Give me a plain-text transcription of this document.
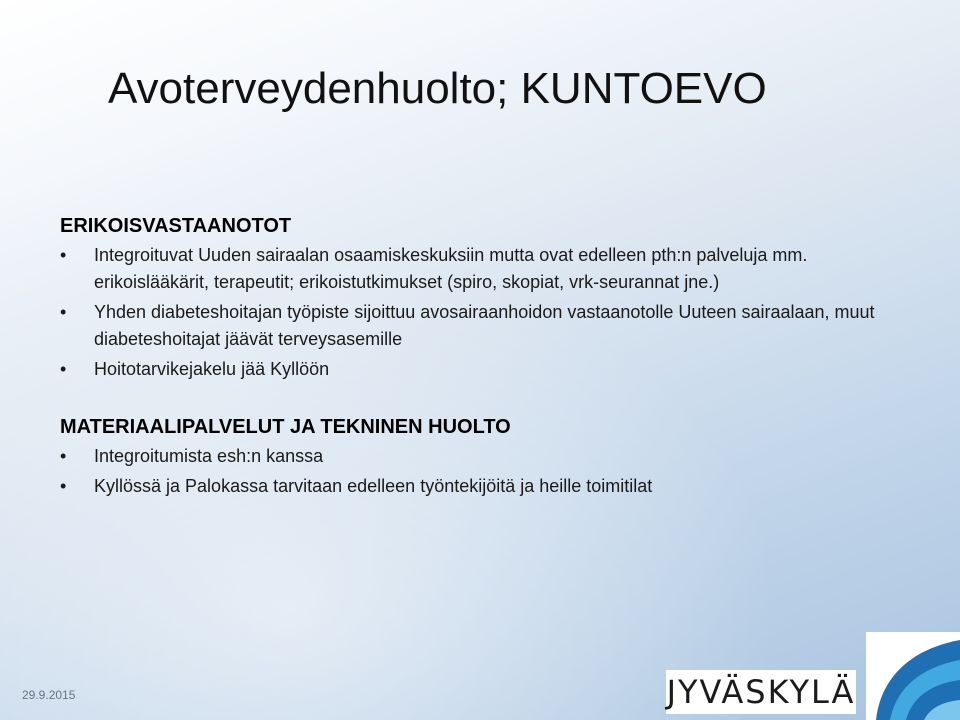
Avoterveydenhuolto; KUNTOEVO
ERIKOISVASTAANOTOT
• Integroituvat Uuden sairaalan osaamiskeskuksiin mutta ovat edelleen pth:n palveluja mm. erikoislääkärit, terapeutit; erikoistutkimukset (spiro, skopiat, vrk-seurannat jne.)
• Yhden diabeteshoitajan työpiste sijoittuu avosairaanhoidon vastaanotolle Uuteen sairaalaan, muut diabeteshoitajat jäävät terveysasemille
• Hoitotarvikejakelu jää Kyllöön
MATERIAALIPALVELUT JA TEKNINEN HUOLTO
• Integroitumista esh:n kanssa
• Kyllössä ja Palokassa tarvitaan edelleen työntekijöitä ja heille toimitilat
29.9.2015	JYVÄSKYLÄ
